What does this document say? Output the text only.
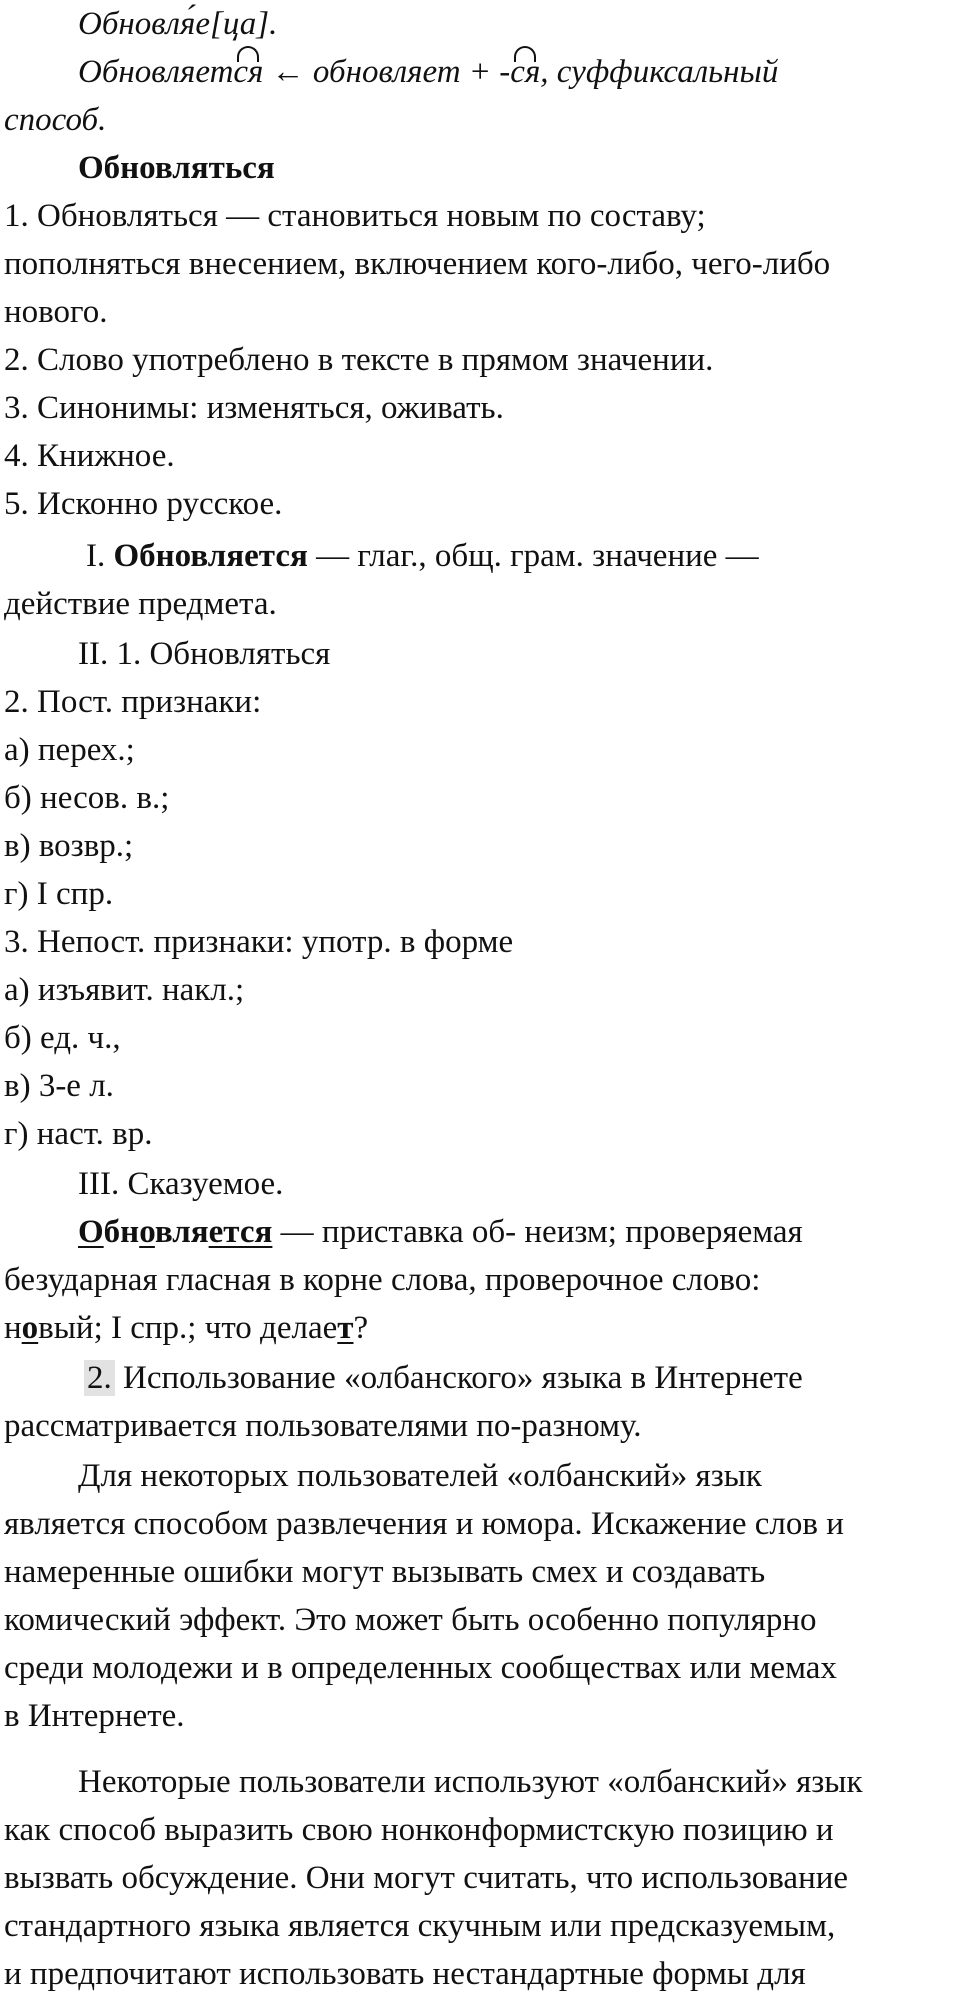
Обновля́е[ца].
Обновляется ← обновляет + -ся, суффиксальный
способ.
Обновляться
1. Обновляться — становиться новым по составу;
пополняться внесением, включением кого-либо, чего-либо
нового.
2. Слово употреблено в тексте в прямом значении.
3. Синонимы: изменяться, оживать.
4. Книжное.
5. Исконно русское.
I. Обновляется — глаг., общ. грам. значение —
действие предмета.
II. 1. Обновляться
2. Пост. признаки:
а) перех.;
б) несов. в.;
в) возвр.;
г) I спр.
3. Непост. признаки: употр. в форме
а) изъявит. накл.;
б) ед. ч.,
в) 3-е л.
г) наст. вр.
III. Сказуемое.
Обновляется — приставка об- неизм; проверяемая
безударная гласная в корне слова, проверочное слово:
новый; I спр.; что делает?
2. Использование «олбанского» языка в Интернете
рассматривается пользователями по-разному.
Для некоторых пользователей «олбанский» язык
является способом развлечения и юмора. Искажение слов и
намеренные ошибки могут вызывать смех и создавать
комический эффект. Это может быть особенно популярно
среди молодежи и в определенных сообществах или мемах
в Интернете.
Некоторые пользователи используют «олбанский» язык
как способ выразить свою нонконформистскую позицию и
вызвать обсуждение. Они могут считать, что использование
стандартного языка является скучным или предсказуемым,
и предпочитают использовать нестандартные формы для
